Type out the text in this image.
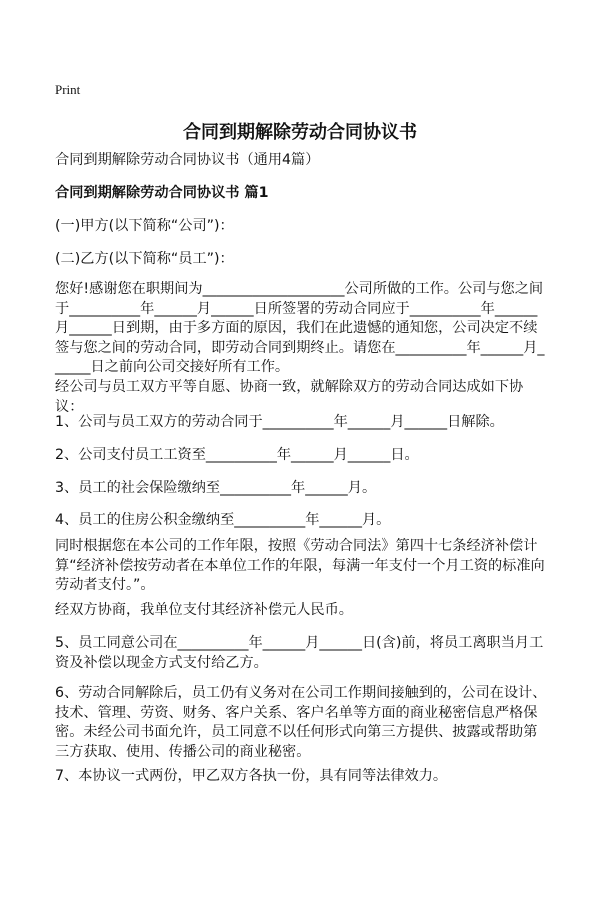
Print
合同到期解除劳动合同协议书
合同到期解除劳动合同协议书（通用4篇）
合同到期解除劳动合同协议书 篇1
(一)甲方(以下简称“公司”)：
(二)乙方(以下简称“员工”)：
您好!感谢您在职期间为____________________公司所做的工作。公司与您之间于__________年______月______日所签署的劳动合同应于__________年______月______日到期，由于多方面的原因，我们在此遗憾的通知您，公司决定不续签与您之间的劳动合同，即劳动合同到期终止。请您在__________年______月______日之前向公司交接好所有工作。
经公司与员工双方平等自愿、协商一致，就解除双方的劳动合同达成如下协议：
1、公司与员工双方的劳动合同于__________年______月______日解除。
2、公司支付员工工资至__________年______月______日。
3、员工的社会保险缴纳至__________年______月。
4、员工的住房公积金缴纳至__________年______月。
同时根据您在本公司的工作年限，按照《劳动合同法》第四十七条经济补偿计算“经济补偿按劳动者在本单位工作的年限，每满一年支付一个月工资的标准向劳动者支付。”。
经双方协商，我单位支付其经济补偿元人民币。
5、员工同意公司在__________年______月______日(含)前，将员工离职当月工资及补偿以现金方式支付给乙方。
6、劳动合同解除后，员工仍有义务对在公司工作期间接触到的，公司在设计、技术、管理、劳资、财务、客户关系、客户名单等方面的商业秘密信息严格保密。未经公司书面允许，员工同意不以任何形式向第三方提供、披露或帮助第三方获取、使用、传播公司的商业秘密。
7、本协议一式两份，甲乙双方各执一份，具有同等法律效力。
